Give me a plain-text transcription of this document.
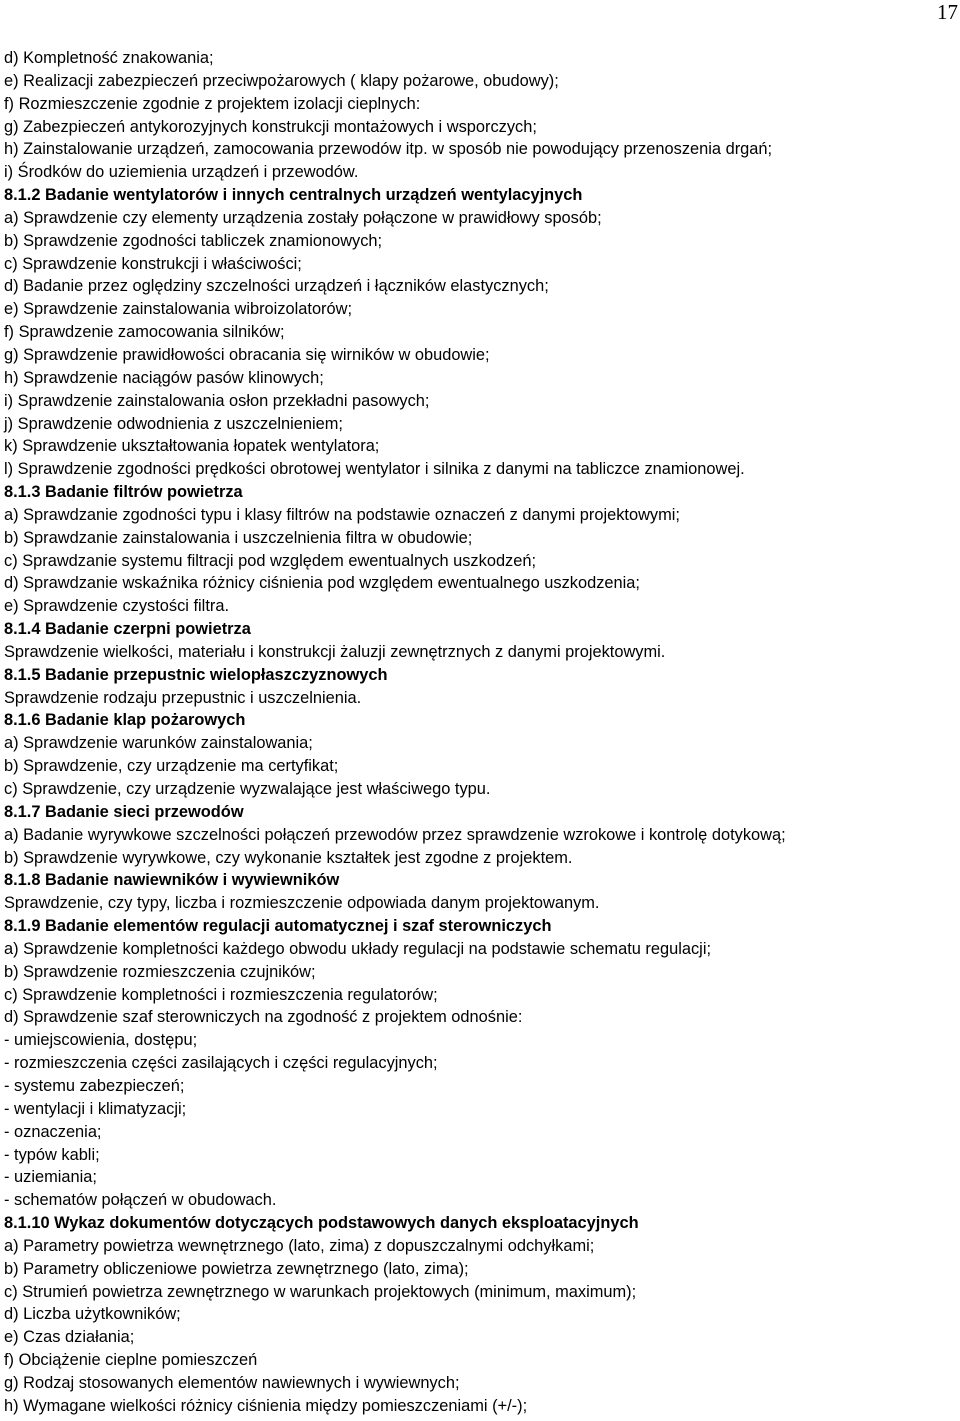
17
d) Kompletność znakowania;
e) Realizacji zabezpieczeń przeciwpożarowych ( klapy pożarowe, obudowy);
f) Rozmieszczenie zgodnie z projektem izolacji cieplnych:
g) Zabezpieczeń antykorozyjnych konstrukcji montażowych i wsporczych;
h) Zainstalowanie urządzeń, zamocowania przewodów itp. w sposób nie powodujący przenoszenia drgań;
i) Środków do uziemienia urządzeń i przewodów.
8.1.2 Badanie wentylatorów i innych centralnych urządzeń wentylacyjnych
a) Sprawdzenie czy elementy urządzenia zostały połączone w prawidłowy sposób;
b) Sprawdzenie zgodności tabliczek znamionowych;
c) Sprawdzenie konstrukcji i właściwości;
d) Badanie przez oględziny szczelności urządzeń i łączników elastycznych;
e) Sprawdzenie zainstalowania wibroizolatorów;
f) Sprawdzenie zamocowania silników;
g) Sprawdzenie prawidłowości obracania się wirników w obudowie;
h) Sprawdzenie naciągów pasów klinowych;
i) Sprawdzenie zainstalowania osłon przekładni pasowych;
j) Sprawdzenie odwodnienia z uszczelnieniem;
k) Sprawdzenie ukształtowania łopatek wentylatora;
l) Sprawdzenie zgodności prędkości obrotowej wentylator i silnika z danymi na tabliczce znamionowej.
8.1.3 Badanie filtrów powietrza
a) Sprawdzanie zgodności typu i klasy filtrów na podstawie oznaczeń z danymi projektowymi;
b) Sprawdzanie zainstalowania i uszczelnienia filtra w obudowie;
c) Sprawdzanie systemu filtracji pod względem ewentualnych uszkodzeń;
d) Sprawdzanie wskaźnika różnicy ciśnienia pod względem ewentualnego uszkodzenia;
e) Sprawdzenie czystości filtra.
8.1.4 Badanie czerpni powietrza
Sprawdzenie wielkości, materiału i konstrukcji żaluzji zewnętrznych z danymi projektowymi.
8.1.5 Badanie przepustnic wielopłaszczyznowych
Sprawdzenie rodzaju przepustnic i uszczelnienia.
8.1.6 Badanie klap pożarowych
a) Sprawdzenie warunków zainstalowania;
b) Sprawdzenie, czy urządzenie ma certyfikat;
c) Sprawdzenie, czy urządzenie wyzwalające jest właściwego typu.
8.1.7 Badanie sieci przewodów
a) Badanie wyrywkowe szczelności połączeń przewodów przez sprawdzenie wzrokowe i kontrolę dotykową;
b) Sprawdzenie wyrywkowe, czy wykonanie kształtek jest zgodne z projektem.
8.1.8 Badanie nawiewników i wywiewników
Sprawdzenie, czy typy, liczba i rozmieszczenie odpowiada danym projektowanym.
8.1.9 Badanie elementów regulacji automatycznej i szaf sterowniczych
a) Sprawdzenie kompletności każdego obwodu układy regulacji na podstawie schematu regulacji;
b) Sprawdzenie rozmieszczenia czujników;
c) Sprawdzenie kompletności i rozmieszczenia regulatorów;
d) Sprawdzenie szaf sterowniczych na zgodność z projektem odnośnie:
- umiejscowienia, dostępu;
- rozmieszczenia części zasilających i części regulacyjnych;
- systemu zabezpieczeń;
- wentylacji i klimatyzacji;
- oznaczenia;
- typów kabli;
- uziemiania;
- schematów połączeń w obudowach.
8.1.10 Wykaz dokumentów dotyczących podstawowych danych eksploatacyjnych
a) Parametry powietrza wewnętrznego (lato, zima) z dopuszczalnymi odchyłkami;
b) Parametry obliczeniowe powietrza zewnętrznego (lato, zima);
c) Strumień powietrza zewnętrznego w warunkach projektowych (minimum, maximum);
d) Liczba użytkowników;
e) Czas działania;
f) Obciążenie cieplne pomieszczeń
g) Rodzaj stosowanych elementów nawiewnych i wywiewnych;
h) Wymagane wielkości różnicy ciśnienia między pomieszczeniami (+/-);
